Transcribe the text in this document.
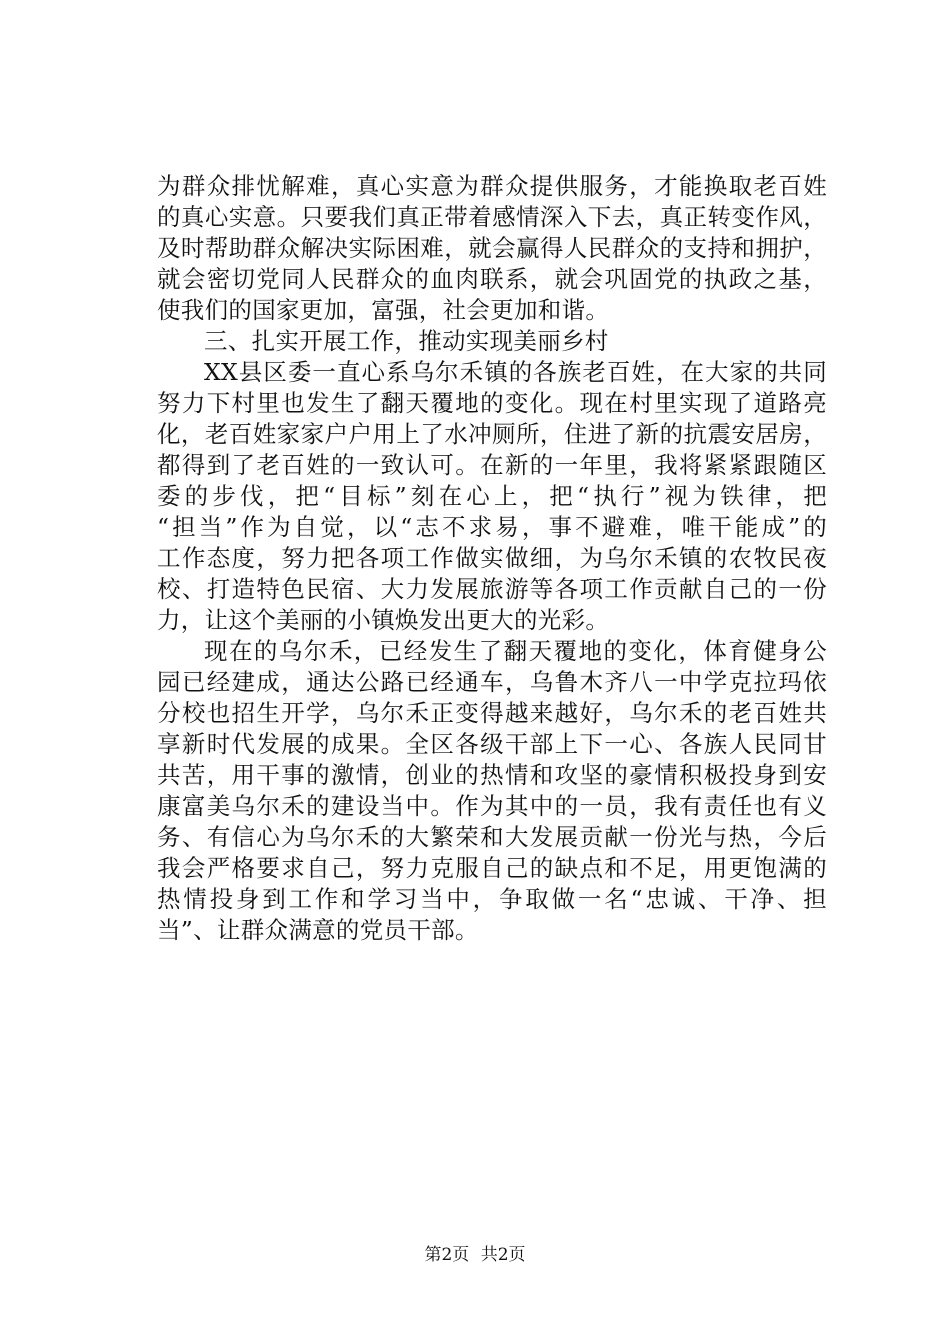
为群众排忧解难，真心实意为群众提供服务，才能换取老百姓
的真心实意。只要我们真正带着感情深入下去，真正转变作风，
及时帮助群众解决实际困难，就会赢得人民群众的支持和拥护，
就会密切党同人民群众的血肉联系，就会巩固党的执政之基，
使我们的国家更加，富强，社会更加和谐。
三、扎实开展工作，推动实现美丽乡村
XX县区委一直心系乌尔禾镇的各族老百姓，在大家的共同
努力下村里也发生了翻天覆地的变化。现在村里实现了道路亮
化，老百姓家家户户用上了水冲厕所，住进了新的抗震安居房，
都得到了老百姓的一致认可。在新的一年里，我将紧紧跟随区
委的步伐，把“目标”刻在心上，把“执行”视为铁律，把
“担当”作为自觉，以“志不求易，事不避难，唯干能成”的
工作态度，努力把各项工作做实做细，为乌尔禾镇的农牧民夜
校、打造特色民宿、大力发展旅游等各项工作贡献自己的一份
力，让这个美丽的小镇焕发出更大的光彩。
现在的乌尔禾，已经发生了翻天覆地的变化，体育健身公
园已经建成，通达公路已经通车，乌鲁木齐八一中学克拉玛依
分校也招生开学，乌尔禾正变得越来越好，乌尔禾的老百姓共
享新时代发展的成果。全区各级干部上下一心、各族人民同甘
共苦，用干事的激情，创业的热情和攻坚的豪情积极投身到安
康富美乌尔禾的建设当中。作为其中的一员，我有责任也有义
务、有信心为乌尔禾的大繁荣和大发展贡献一份光与热，今后
我会严格要求自己，努力克服自己的缺点和不足，用更饱满的
热情投身到工作和学习当中，争取做一名“忠诚、干净、担
当”、让群众满意的党员干部。
第2页 共2页
